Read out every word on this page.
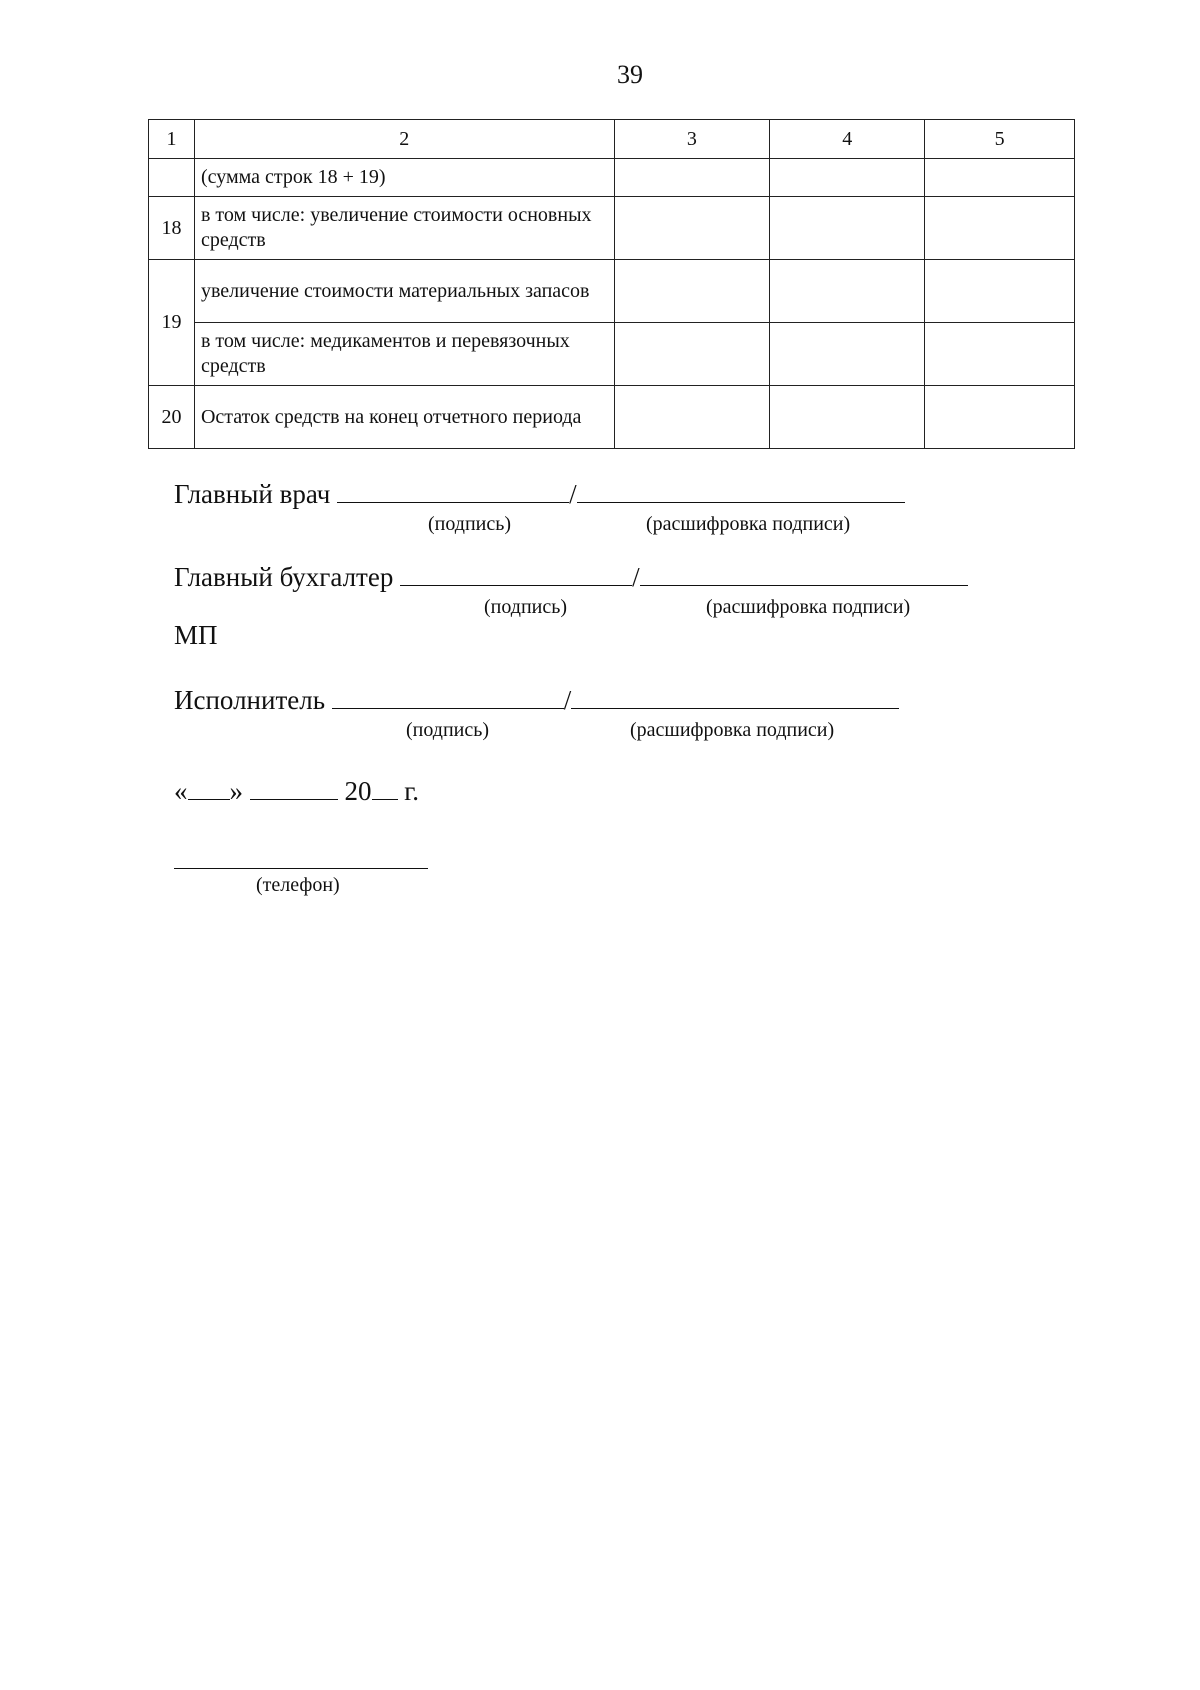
39
1	2	3	4	5
	(сумма строк 18 + 19)			
18	в том числе: увеличение стоимости основных средств			
19	увеличение стоимости материальных запасов			
	в том числе: медикаментов и перевязочных средств			
20	Остаток средств на конец отчетного периода			
Главный врач	/
(подпись)	(расшифровка подписи)
Главный бухгалтер	/
(подпись)	(расшифровка подписи)
МП
Исполнитель	/
(подпись)	(расшифровка подписи)
« »	20 г.
(телефон)
